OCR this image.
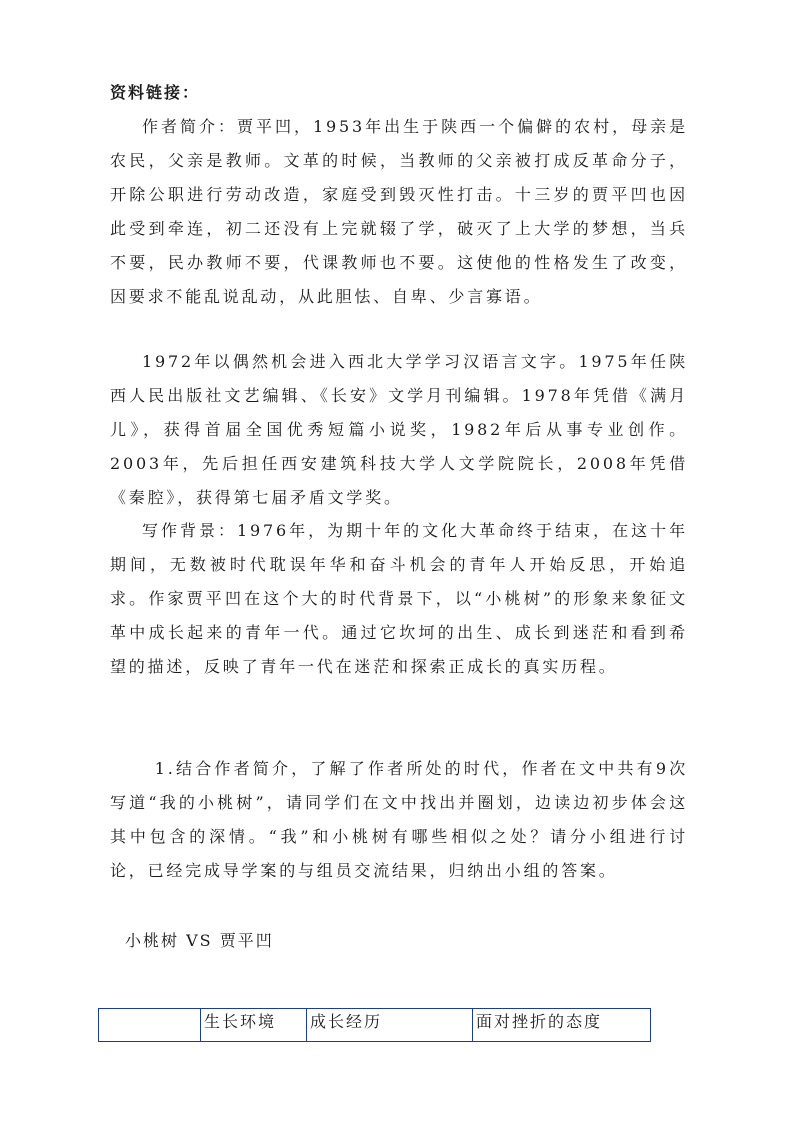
资料链接：

作者简介：贾平凹，1953年出生于陕西一个偏僻的农村，母亲是农民，父亲是教师。文革的时候，当教师的父亲被打成反革命分子，开除公职进行劳动改造，家庭受到毁灭性打击。十三岁的贾平凹也因此受到牵连，初二还没有上完就辍了学，破灭了上大学的梦想，当兵不要，民办教师不要，代课教师也不要。这使他的性格发生了改变，因要求不能乱说乱动，从此胆怯、自卑、少言寡语。

1972年以偶然机会进入西北大学学习汉语言文字。1975年任陕西人民出版社文艺编辑、《长安》文学月刊编辑。1978年凭借《满月儿》，获得首届全国优秀短篇小说奖，1982年后从事专业创作。2003年，先后担任西安建筑科技大学人文学院院长，2008年凭借《秦腔》，获得第七届矛盾文学奖。

写作背景：1976年，为期十年的文化大革命终于结束，在这十年期间，无数被时代耽误年华和奋斗机会的青年人开始反思，开始追求。作家贾平凹在这个大的时代背景下，以“小桃树”的形象来象征文革中成长起来的青年一代。通过它坎坷的出生、成长到迷茫和看到希望的描述，反映了青年一代在迷茫和探索正成长的真实历程。

1.结合作者简介，了解了作者所处的时代，作者在文中共有9次写道“我的小桃树”，请同学们在文中找出并圈划，边读边初步体会这其中包含的深情。“我”和小桃树有哪些相似之处？请分小组进行讨论，已经完成导学案的与组员交流结果，归纳出小组的答案。

小桃树 VS 贾平凹
	生长环境	成长经历	面对挫折的态度
